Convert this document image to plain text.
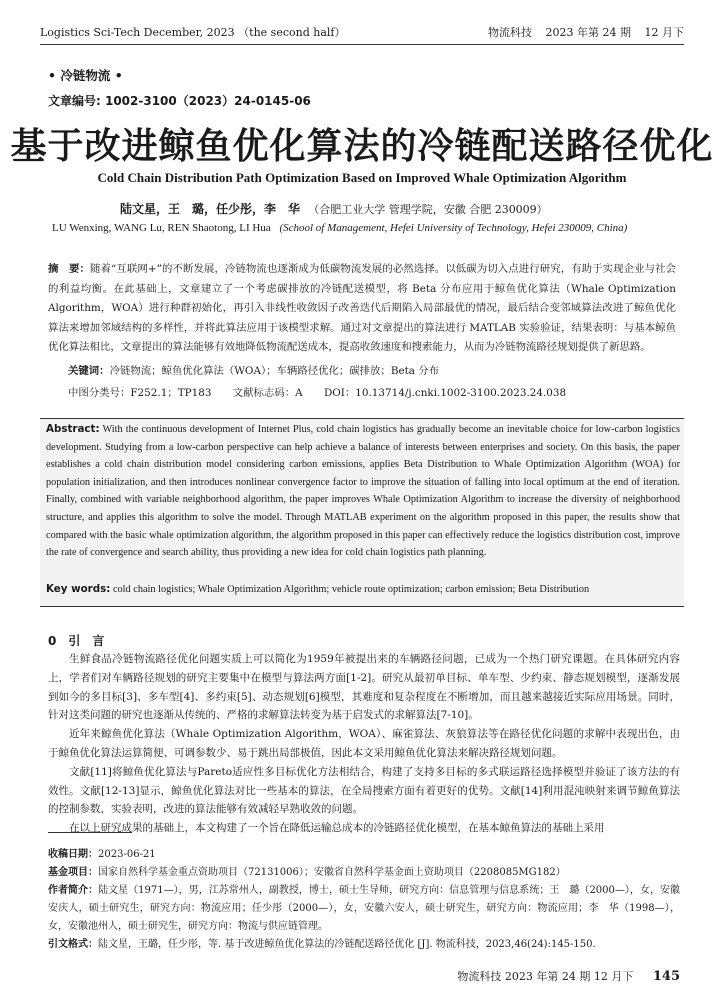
Logistics Sci-Tech December, 2023 （the second half）	物流科技 2023 年第 24 期 12 月下
• 冷链物流 •
文章编号: 1002-3100（2023）24-0145-06
基于改进鲸鱼优化算法的冷链配送路径优化
Cold Chain Distribution Path Optimization Based on Improved Whale Optimization Algorithm
陆文星，王　璐，任少彤，李　华 （合肥工业大学 管理学院，安徽 合肥 230009）
LU Wenxing, WANG Lu, REN Shaotong, LI Hua (School of Management, Hefei University of Technology, Hefei 230009, China)
摘　要：随着“互联网+”的不断发展，冷链物流也逐渐成为低碳物流发展的必然选择。以低碳为切入点进行研究，有助于实现企业与社会的利益均衡。在此基础上，文章建立了一个考虑碳排放的冷链配送模型，将 Beta 分布应用于鲸鱼优化算法（Whale Optimization Algorithm，WOA）进行种群初始化，再引入非线性收敛因子改善迭代后期陷入局部最优的情况，最后结合变邻域算法改进了鲸鱼优化算法来增加邻域结构的多样性，并将此算法应用于该模型求解。通过对文章提出的算法进行 MATLAB 实验验证，结果表明：与基本鲸鱼优化算法相比，文章提出的算法能够有效地降低物流配送成本，提高收敛速度和搜索能力，从而为冷链物流路径规划提供了新思路。
关键词：冷链物流；鲸鱼优化算法（WOA）；车辆路径优化；碳排放；Beta 分布
中图分类号：F252.1；TP183 文献标志码：A DOI：10.13714/j.cnki.1002-3100.2023.24.038
Abstract: With the continuous development of Internet Plus, cold chain logistics has gradually become an inevitable choice for low-carbon logistics development. Studying from a low-carbon perspective can help achieve a balance of interests between enterprises and society. On this basis, the paper establishes a cold chain distribution model considering carbon emissions, applies Beta Distribution to Whale Optimization Algorithm (WOA) for population initialization, and then introduces nonlinear convergence factor to improve the situation of falling into local optimum at the end of iteration. Finally, combined with variable neighborhood algorithm, the paper improves Whale Optimization Algorithm to increase the diversity of neighborhood structure, and applies this algorithm to solve the model. Through MATLAB experiment on the algorithm proposed in this paper, the results show that compared with the basic whale optimization algorithm, the algorithm proposed in this paper can effectively reduce the logistics distribution cost, improve the rate of convergence and search ability, thus providing a new idea for cold chain logistics path planning.
Key words: cold chain logistics; Whale Optimization Algorithm; vehicle route optimization; carbon emission; Beta Distribution
0　引　言

生鲜食品冷链物流路径优化问题实质上可以简化为1959年被提出来的车辆路径问题，已成为一个热门研究课题。在具体研究内容上，学者们对车辆路径规划的研究主要集中在模型与算法两方面[1-2]。研究从最初单目标、单车型、少约束、静态规划模型，逐渐发展到如今的多目标[3]、多车型[4]、多约束[5]、动态规划[6]模型，其难度和复杂程度在不断增加，而且越来越接近实际应用场景。同时，针对这类问题的研究也逐渐从传统的、严格的求解算法转变为基于启发式的求解算法[7-10]。

近年来鲸鱼优化算法（Whale Optimization Algorithm，WOA）、麻雀算法、灰狼算法等在路径优化问题的求解中表现出色，由于鲸鱼优化算法运算简便、可调参数少、易于跳出局部极值，因此本文采用鲸鱼优化算法来解决路径规划问题。

文献[11]将鲸鱼优化算法与Pareto适应性多目标优化方法相结合，构建了支持多目标的多式联运路径选择模型并验证了该方法的有效性。文献[12-13]显示，鲸鱼优化算法对比一些基本的算法，在全局搜索方面有着更好的优势。文献[14]利用混沌映射来调节鲸鱼算法的控制参数，实验表明，改进的算法能够有效减轻早熟收敛的问题。

在以上研究成果的基础上，本文构建了一个旨在降低运输总成本的冷链路径优化模型，在基本鲸鱼算法的基础上采用

收稿日期：2023-06-21

基金项目：国家自然科学基金重点资助项目（72131006）；安徽省自然科学基金面上资助项目（2208085MG182）

作者简介：陆文星（1971—），男，江苏常州人，副教授，博士，硕士生导师，研究方向：信息管理与信息系统；王　璐（2000—），女，安徽安庆人，硕士研究生，研究方向：物流应用；任少彤（2000—），女，安徽六安人，硕士研究生，研究方向：物流应用；李　华（1998—），女，安徽池州人，硕士研究生，研究方向：物流与供应链管理。

引文格式：陆文星，王璐，任少彤，等. 基于改进鲸鱼优化算法的冷链配送路径优化 [J]. 物流科技，2023,46(24):145-150.

物流科技 2023 年第 24 期 12 月下 145
